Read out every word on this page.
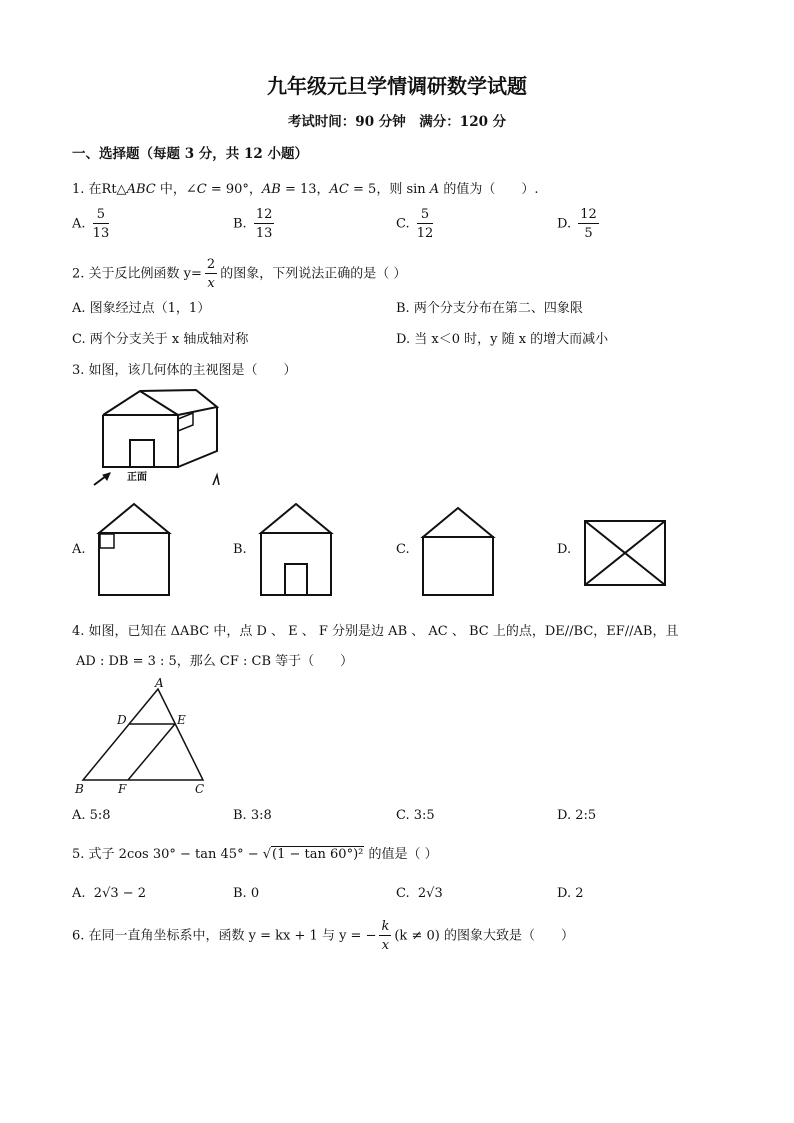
九年级元旦学情调研数学试题
考试时间：90 分钟　满分：120 分
一、选择题（每题 3 分，共 12 小题）
1. 在Rt△ABC 中，∠C = 90°，AB = 13，AC = 5，则 sin A 的值为（　　）.
A. $\frac{5}{13}$	B. $\frac{12}{13}$	C. $\frac{5}{12}$	D. $\frac{12}{5}$
2. 关于反比例函数 $y= \frac{2}{x}$ 的图象，下列说法正确的是（ ）
A. 图象经过点（1，1）	B. 两个分支分布在第二、四象限
C. 两个分支关于 x 轴成轴对称	D. 当 x＜0 时，y 随 x 的增大而减小
3. 如图，该几何体的主视图是（　　）
正面
A.	B.	C.	D.
4. 如图，已知在 ΔABC 中，点 D 、 E 、 F 分别是边 AB 、 AC 、 BC 上的点，DE//BC，EF//AB，且
AD : DB = 3 : 5，那么 CF : CB 等于（　　）
A
D	E
B	F	C
A. 5:8	B. 3:8	C. 3:5	D. 2:5
5. 式子 2cos 30° − tan 45° − √(1 − tan 60°)² 的值是（ ）
A. 2√3 − 2	B. 0	C. 2√3	D. 2
6. 在同一直角坐标系中，函数 y = kx + 1 与 y = − $\frac{k}{x} (k \ne 0)$ 的图象大致是（　　）
